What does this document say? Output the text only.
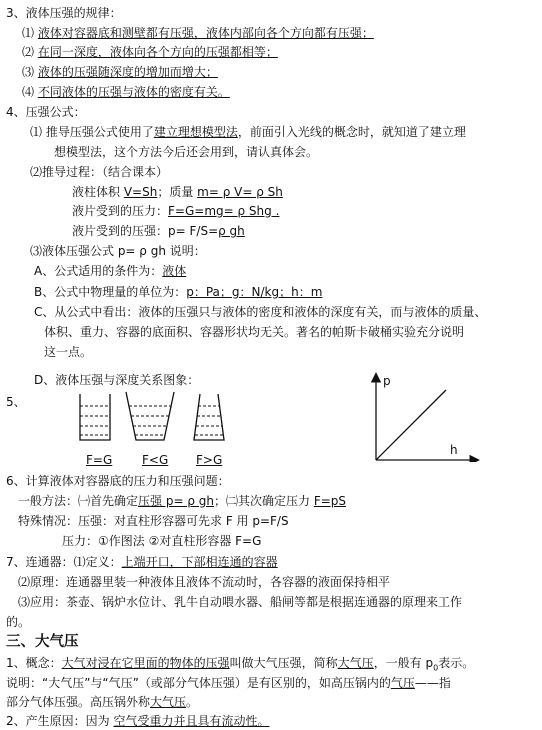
3、液体压强的规律：
⑴ 液体对容器底和测壁都有压强，液体内部向各个方向都有压强；
⑵ 在同一深度，液体向各个方向的压强都相等；
⑶ 液体的压强随深度的增加而增大；
⑷ 不同液体的压强与液体的密度有关。
4、压强公式：
⑴ 推导压强公式使用了建立理想模型法，前面引入光线的概念时，就知道了建立理
想模型法，这个方法今后还会用到，请认真体会。
⑵推导过程：（结合课本）
液柱体积 V=Sh；质量 m= ρ V= ρ Sh
液片受到的压力：F=G=mg= ρ Shg .
液片受到的压强：p= F/S=ρ gh
⑶液体压强公式 p= ρ gh 说明：
A、公式适用的条件为：液体
B、公式中物理量的单位为：p：Pa；g：N/kg；h：m
C、从公式中看出：液体的压强只与液体的密度和液体的深度有关，而与液体的质量、
体积、重力、容器的底面积、容器形状均无关。著名的帕斯卡破桶实验充分说明
这一点。
D、液体压强与深度关系图象：
5、
F=G F<G F>G
p
h
6、计算液体对容器底的压力和压强问题：
一般方法：㈠首先确定压强 p= ρ gh；㈡其次确定压力 F=pS
特殊情况：压强：对直柱形容器可先求 F 用 p=F/S
压力：①作图法 ②对直柱形容器 F=G
7、连通器：⑴定义：上端开口，下部相连通的容器
⑵原理：连通器里装一种液体且液体不流动时，各容器的液面保持相平
⑶应用：茶壶、锅炉水位计、乳牛自动喂水器、船闸等都是根据连通器的原理来工作
的。
三、大气压
1、概念：大气对浸在它里面的物体的压强叫做大气压强，简称大气压，一般有 $p_0$表示。
说明：“大气压”与“气压”（或部分气体压强）是有区别的，如高压锅内的气压——指
部分气体压强。高压锅外称大气压。
2、产生原因：因为 空气受重力并且具有流动性。
